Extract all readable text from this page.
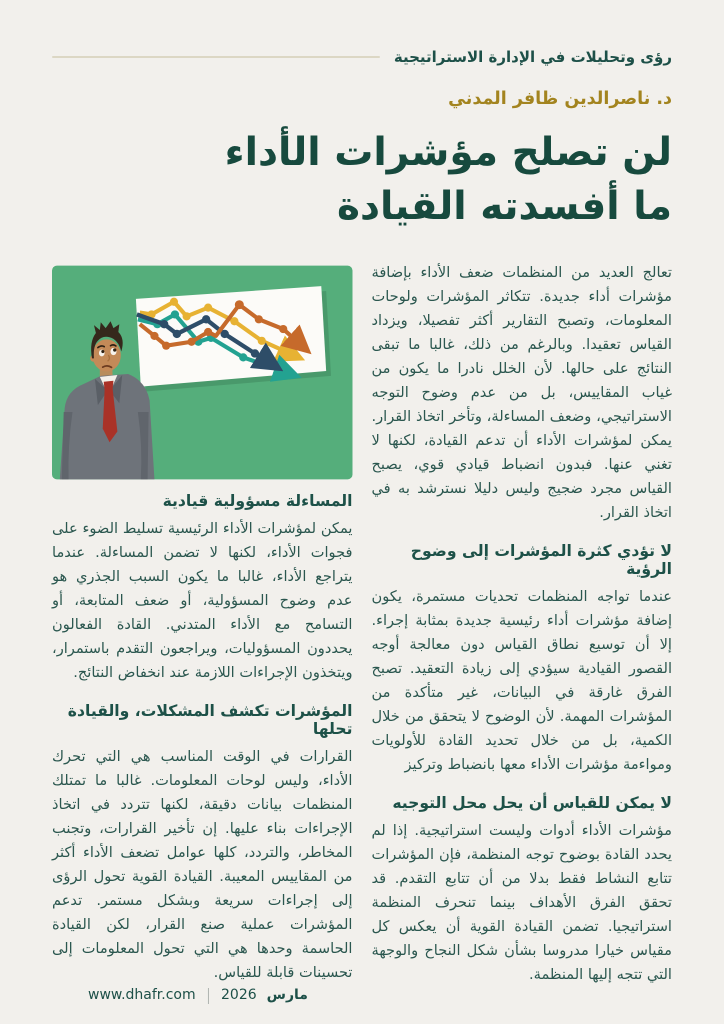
رؤى وتحليلات في الإدارة الاستراتيجية
د. ناصرالدين ظافر المدني
لن تصلح مؤشرات الأداء
ما أفسدته القيادة

تعالج العديد من المنظمات ضعف الأداء بإضافة مؤشرات أداء جديدة. تتكاثر المؤشرات ولوحات المعلومات، وتصبح التقارير أكثر تفصيلا، ويزداد القياس تعقيدا. وبالرغم من ذلك، غالبا ما تبقى النتائج على حالها. لأن الخلل نادرا ما يكون من غياب المقاييس، بل من عدم وضوح التوجه الاستراتيجي، وضعف المساءلة، وتأخر اتخاذ القرار. يمكن لمؤشرات الأداء أن تدعم القيادة، لكنها لا تغني عنها. فبدون انضباط قيادي قوي، يصبح القياس مجرد ضجيج وليس دليلا نسترشد به في اتخاذ القرار.

لا تؤدي كثرة المؤشرات إلى وضوح الرؤية

عندما تواجه المنظمات تحديات مستمرة، يكون إضافة مؤشرات أداء رئيسية جديدة بمثابة إجراء. إلا أن توسيع نطاق القياس دون معالجة أوجه القصور القيادية سيؤدي إلى زيادة التعقيد. تصبح الفرق غارقة في البيانات، غير متأكدة من المؤشرات المهمة. لأن الوضوح لا يتحقق من خلال الكمية، بل من خلال تحديد القادة للأولويات ومواءمة مؤشرات الأداء معها بانضباط وتركيز

لا يمكن للقياس أن يحل محل التوجيه

مؤشرات الأداء أدوات وليست استراتيجية. إذا لم يحدد القادة بوضوح توجه المنظمة، فإن المؤشرات تتابع النشاط فقط بدلا من أن تتابع التقدم. قد تحقق الفرق الأهداف بينما تنحرف المنظمة استراتيجيا. تضمن القيادة القوية أن يعكس كل مقياس خيارا مدروسا بشأن شكل النجاح والوجهة التي تتجه إليها المنظمة.

المساءلة مسؤولية قيادية

يمكن لمؤشرات الأداء الرئيسية تسليط الضوء على فجوات الأداء، لكنها لا تضمن المساءلة. عندما يتراجع الأداء، غالبا ما يكون السبب الجذري هو عدم وضوح المسؤولية، أو ضعف المتابعة، أو التسامح مع الأداء المتدني. القادة الفعالون يحددون المسؤوليات، ويراجعون التقدم باستمرار، ويتخذون الإجراءات اللازمة عند انخفاض النتائج.

المؤشرات تكشف المشكلات، والقيادة تحلها

القرارات في الوقت المناسب هي التي تحرك الأداء، وليس لوحات المعلومات. غالبا ما تمتلك المنظمات بيانات دقيقة، لكنها تتردد في اتخاذ الإجراءات بناء عليها. إن تأخير القرارات، وتجنب المخاطر، والتردد، كلها عوامل تضعف الأداء أكثر من المقاييس المعيبة. القيادة القوية تحول الرؤى إلى إجراءات سريعة وبشكل مستمر. تدعم المؤشرات عملية صنع القرار، لكن القيادة الحاسمة وحدها هي التي تحول المعلومات إلى تحسينات قابلة للقياس.

www.dhafr.com | 2026 مارس
